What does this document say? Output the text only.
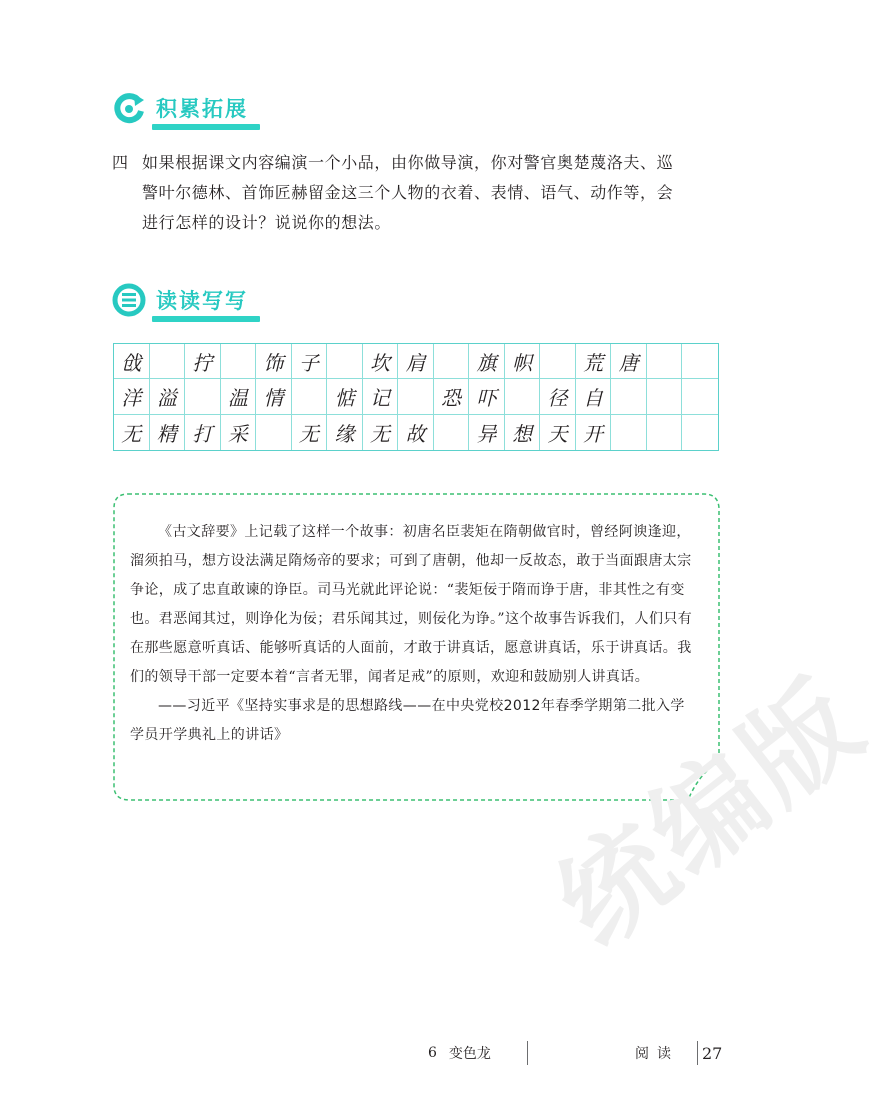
积累拓展
四 如果根据课文内容编演一个小品，由你做导演，你对警官奥楚蔑洛夫、巡
警叶尔德林、首饰匠赫留金这三个人物的衣着、表情、语气、动作等，会
进行怎样的设计？说说你的想法。
读读写写
戗	拧	饰 子	坎 肩	旗 帜	荒 唐
洋 溢	温 情	惦 记	恐 吓	径 自
无 精 打 采	无 缘 无 故	异 想 天 开

《古文辞要》上记载了这样一个故事：初唐名臣裴矩在隋朝做官时，曾经阿谀逢迎，溜须拍马，想方设法满足隋炀帝的要求；可到了唐朝，他却一反故态，敢于当面跟唐太宗争论，成了忠直敢谏的诤臣。司马光就此评论说：“裴矩佞于隋而诤于唐，非其性之有变也。君恶闻其过，则诤化为佞；君乐闻其过，则佞化为诤。”这个故事告诉我们，人们只有在那些愿意听真话、能够听真话的人面前，才敢于讲真话，愿意讲真话，乐于讲真话。我们的领导干部一定要本着“言者无罪，闻者足戒”的原则，欢迎和鼓励别人讲真话。

——习近平《坚持实事求是的思想路线——在中央党校2012年春季学期第二批入学学员开学典礼上的讲话》	统编版
6 变色龙	阅读 27
